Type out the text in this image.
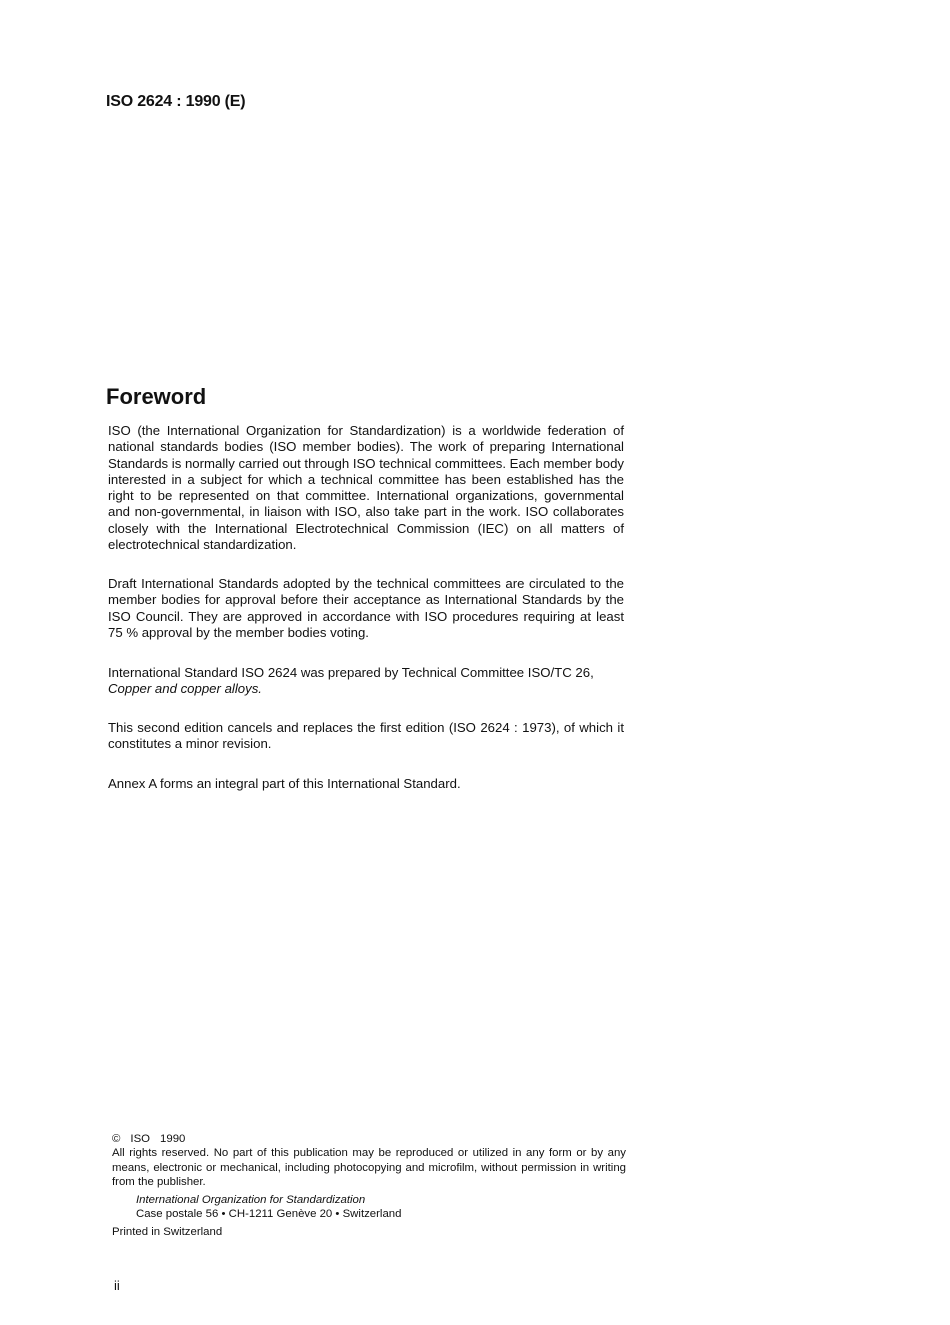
ISO 2624 : 1990 (E)
Foreword

ISO (the International Organization for Standardization) is a worldwide federation of national standards bodies (ISO member bodies). The work of preparing International Standards is normally carried out through ISO technical committees. Each member body interested in a subject for which a technical committee has been established has the right to be represented on that committee. International organizations, governmental and non-governmental, in liaison with ISO, also take part in the work. ISO collaborates closely with the International Electrotechnical Commission (IEC) on all matters of electrotechnical standardization.

Draft International Standards adopted by the technical committees are circulated to the member bodies for approval before their acceptance as International Standards by the ISO Council. They are approved in accordance with ISO procedures requiring at least 75 % approval by the member bodies voting.

International Standard ISO 2624 was prepared by Technical Committee ISO/TC 26,
Copper and copper alloys.

This second edition cancels and replaces the first edition (ISO 2624 : 1973), of which it constitutes a minor revision.

Annex A forms an integral part of this International Standard.

© ISO 1990

All rights reserved. No part of this publication may be reproduced or utilized in any form or by any means, electronic or mechanical, including photocopying and microfilm, without permission in writing from the publisher.

International Organization for Standardization
Case postale 56 • CH-1211 Genève 20 • Switzerland

Printed in Switzerland

ii
